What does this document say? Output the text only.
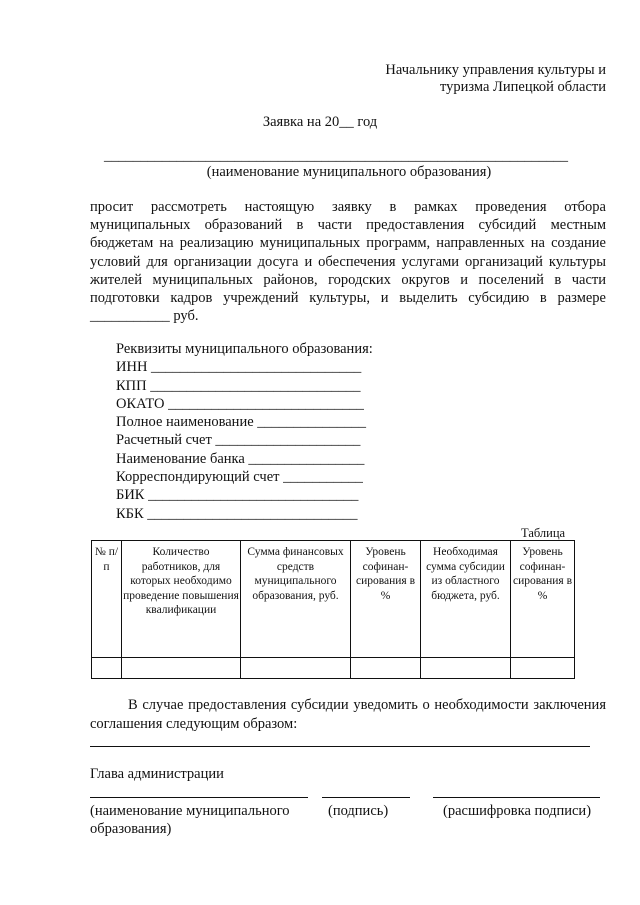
Начальнику управления культуры и
туризма Липецкой области
Заявка на 20__ год
________________________________________________________________
(наименование муниципального образования)
просит рассмотреть настоящую заявку в рамках проведения отбора муниципальных образований в части предоставления субсидий местным бюджетам на реализацию муниципальных программ, направленных на создание условий для организации досуга и обеспечения услугами организаций культуры жителей муниципальных районов, городских округов и поселений в части подготовки кадров учреждений культуры, и выделить субсидию в размере ___________ руб.
Реквизиты муниципального образования:
ИНН _____________________________
КПП _____________________________
ОКАТО ___________________________
Полное наименование _______________
Расчетный счет ____________________
Наименование банка ________________
Корреспондирующий счет ___________
БИК _____________________________
КБК _____________________________
Таблица
№ п/п	Количество работников, для которых необходимо проведение повышения квалификации	Сумма финансовых средств муниципального образования, руб.	Уровень софинан-сирования в %	Необходимая сумма субсидии из областного бюджета, руб.	Уровень софинан-сирования в %

В случае предоставления субсидии уведомить о необходимости заключения соглашения следующим образом:
Глава администрации
(наименование муниципального
образования)
(подпись)	(расшифровка подписи)
